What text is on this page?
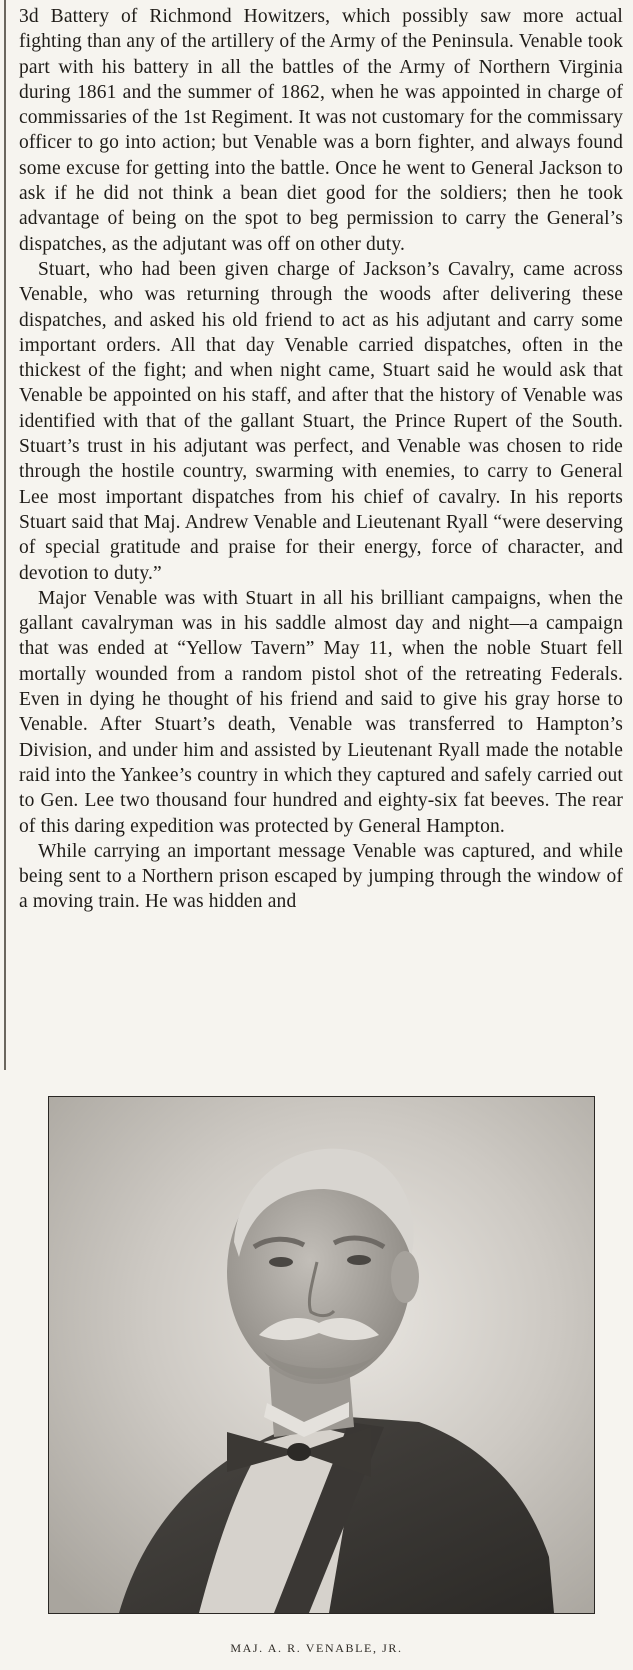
3d Battery of Richmond Howitzers, which possibly saw more actual fighting than any of the artillery of the Army of the Peninsula. Venable took part with his battery in all the battles of the Army of Northern Virginia during 1861 and the summer of 1862, when he was appointed in charge of commissaries of the 1st Regiment. It was not customary for the commissary officer to go into action; but Venable was a born fighter, and always found some excuse for getting into the battle. Once he went to General Jackson to ask if he did not think a bean diet good for the soldiers; then he took advantage of being on the spot to beg permission to carry the General’s dispatches, as the adjutant was off on other duty.

Stuart, who had been given charge of Jackson’s Cavalry, came across Venable, who was returning through the woods after delivering these dispatches, and asked his old friend to act as his adjutant and carry some important orders. All that day Venable carried dispatches, often in the thickest of the fight; and when night came, Stuart said he would ask that Venable be appointed on his staff, and after that the history of Venable was identified with that of the gallant Stuart, the Prince Rupert of the South. Stuart’s trust in his adjutant was perfect, and Venable was chosen to ride through the hostile country, swarming with enemies, to carry to General Lee most important dispatches from his chief of cavalry. In his reports Stuart said that Maj. Andrew Venable and Lieutenant Ryall “were deserving of special gratitude and praise for their energy, force of character, and devotion to duty.”

Major Venable was with Stuart in all his brilliant campaigns, when the gallant cavalryman was in his saddle almost day and night—a campaign that was ended at “Yellow Tavern” May 11, when the noble Stuart fell mortally wounded from a random pistol shot of the retreating Federals. Even in dying he thought of his friend and said to give his gray horse to Venable. After Stuart’s death, Venable was transferred to Hampton’s Division, and under him and assisted by Lieutenant Ryall made the notable raid into the Yankee’s country in which they captured and safely carried out to Gen. Lee two thousand four hundred and eighty-six fat beeves. The rear of this daring expedition was protected by General Hampton.

While carrying an important message Venable was captured, and while being sent to a Northern prison escaped by jumping through the window of a moving train. He was hidden and

MAJ. A. R. VENABLE, JR.
